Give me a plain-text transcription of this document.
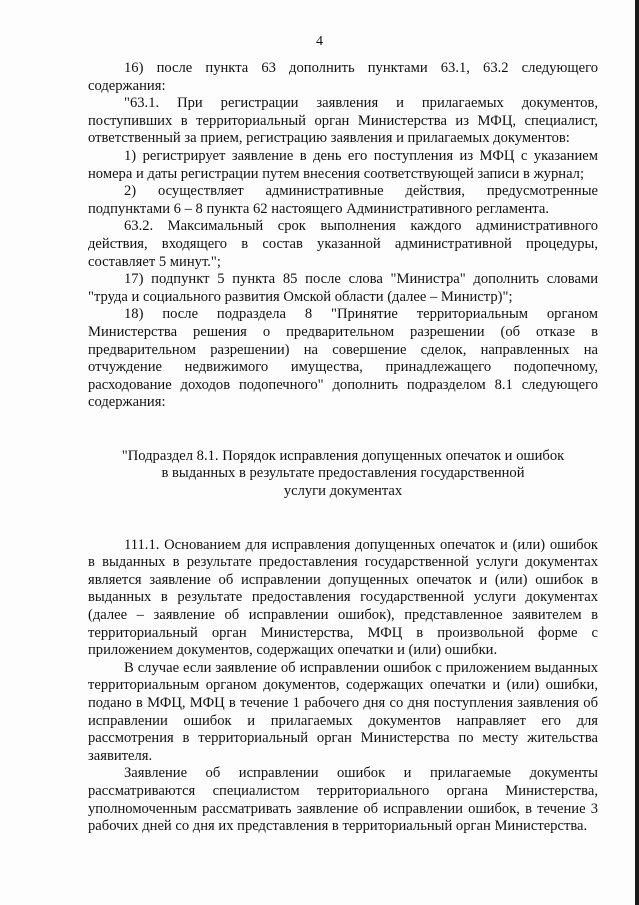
4

16) после пункта 63 дополнить пунктами 63.1, 63.2 следующего содержания:

"63.1. При регистрации заявления и прилагаемых документов, поступивших в территориальный орган Министерства из МФЦ, специалист, ответственный за прием, регистрацию заявления и прилагаемых документов:

1) регистрирует заявление в день его поступления из МФЦ с указанием номера и даты регистрации путем внесения соответствующей записи в журнал;

2) осуществляет административные действия, предусмотренные подпунктами 6 – 8 пункта 62 настоящего Административного регламента.

63.2. Максимальный срок выполнения каждого административного действия, входящего в состав указанной административной процедуры, составляет 5 минут.";

17) подпункт 5 пункта 85 после слова "Министра" дополнить словами "труда и социального развития Омской области (далее – Министр)";

18) после подраздела 8 "Принятие территориальным органом Министерства решения о предварительном разрешении (об отказе в предварительном разрешении) на совершение сделок, направленных на отчуждение недвижимого имущества, принадлежащего подопечному, расходование доходов подопечного" дополнить подразделом 8.1 следующего содержания:

"Подраздел 8.1. Порядок исправления допущенных опечаток и ошибок

в выданных в результате предоставления государственной

услуги документах

111.1. Основанием для исправления допущенных опечаток и (или) ошибок в выданных в результате предоставления государственной услуги документах является заявление об исправлении допущенных опечаток и (или) ошибок в выданных в результате предоставления государственной услуги документах (далее – заявление об исправлении ошибок), представленное заявителем в территориальный орган Министерства, МФЦ в произвольной форме с приложением документов, содержащих опечатки и (или) ошибки.

В случае если заявление об исправлении ошибок с приложением выданных территориальным органом документов, содержащих опечатки и (или) ошибки, подано в МФЦ, МФЦ в течение 1 рабочего дня со дня поступления заявления об исправлении ошибок и прилагаемых документов направляет его для рассмотрения в территориальный орган Министерства по месту жительства заявителя.

Заявление об исправлении ошибок и прилагаемые документы рассматриваются специалистом территориального органа Министерства, уполномоченным рассматривать заявление об исправлении ошибок, в течение 3 рабочих дней со дня их представления в территориальный орган Министерства.
